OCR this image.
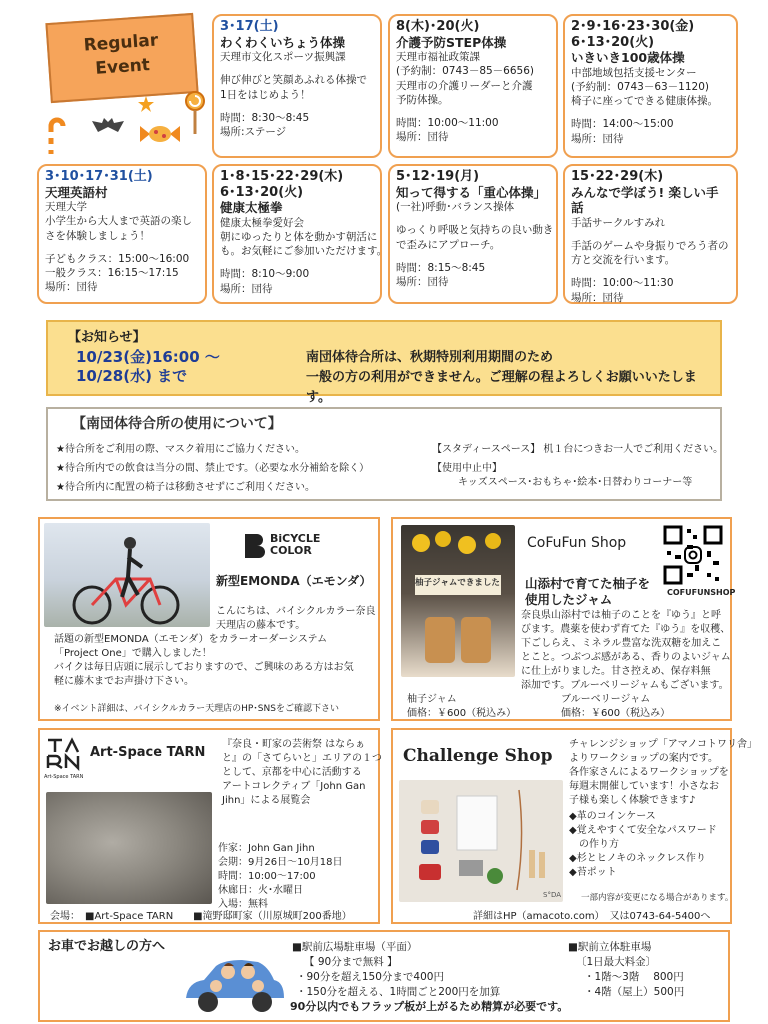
Regular
Event
3･17(土)
わくわくいちょう体操
天理市文化スポーツ振興課
伸び伸びと笑顔あふれる体操で
1日をはじめよう！
時間：8:30〜8:45
場所:ステージ
8(木)･20(火)
介護予防STEP体操
天理市福祉政策課
(予約制：0743－85－6656)
天理市の介護リーダーと介護
予防体操。
時間：10:00〜11:00
場所：団待
2･9･16･23･30(金)
6･13･20(火)
いきいき100歳体操
中部地域包括支援センター
(予約制：0743－63－1120)
椅子に座ってできる健康体操。
時間：14:00〜15:00
場所：団待
3･10･17･31(土)
天理英語村
天理大学
小学生から大人まで英語の楽し
さを体験しましょう！
子どもクラス：15:00〜16:00
一般クラス：16:15〜17:15
場所：団待
1･8･15･22･29(木)
6･13･20(火)
健康太極拳
健康太極拳愛好会
朝にゆったりと体を動かす朝活に
も。お気軽にご参加いただけます。
時間：8:10〜9:00
場所：団待
5･12･19(月)
知って得する「重心体操」
(一社)呼動･バランス操体
ゆっくり呼吸と気持ちの良い動き
で歪みにアプローチ。
時間：8:15〜8:45
場所：団待
15･22･29(木)
みんなで学ぼう! 楽しい手話
手話サークルすみれ
手話のゲームや身振りでろう者の
方と交流を行います。
時間：10:00〜11:30
場所：団待
【お知らせ】
10/23(金)16:00 〜
10/28(水) まで
南団体待合所は、秋期特別利用期間のため
一般の方の利用ができません。ご理解の程よろしくお願いいたします。
【南団体待合所の使用について】
★待合所をご利用の際、マスク着用にご協力ください。
★待合所内での飲食は当分の間、禁止です。（必要な水分補給を除く）
★待合所内に配置の椅子は移動させずにご利用ください。
【スタディースペース】 机１台につきお一人でご利用ください。
【使用中止中】
キッズスペース･おもちゃ･絵本･日替わりコーナー等
BiCYCLE
COLOR
新型EMONDA（エモンダ）
こんにちは、バイシクルカラー奈良
天理店の藤本です。
話題の新型EMONDA（エモンダ）をカラーオーダーシステム
「Project One」で購入しました！
バイクは毎日店頭に展示しておりますので、ご興味のある方はお気
軽に藤木までお声掛け下さい。
※イベント詳細は、バイシクルカラー天理店のHP･SNSをご確認下さい
柚子ジャムできました
CoFuFun Shop
COFUFUNSHOP
山添村で育てた柚子を
使用したジャム
奈良県山添村では柚子のことを『ゆう』と呼
びます。農薬を使わず育てた『ゆう』を収穫、
下ごしらえ、ミネラル豊富な洗双糖を加えこ
とこと。つぶつぶ感がある、香りのよいジャム
に仕上がりました。甘さ控えめ、保存料無
添加です。ブルーベリージャムもございます。
柚子ジャム
価格：￥600（税込み）
ブルーベリージャム
価格：￥600（税込み）
Art-Space TARN
Art-Space TARN
『奈良・町家の芸術祭 はならぁ
と』の「さてらいと」エリアの１つ
として、京都を中心に活動する
アートコレクティブ「John Gan
Jihn」による展覧会
作家：John Gan Jihn
会期：9月26日〜10月18日
時間：10:00〜17:00
休廊日：火･水曜日
入場：無料
会場：　■Art-Space TARN　　■滝野邸町家（川原城町200番地）
Challenge Shop
S°DA
チャレンジショップ「アマノコトワリ舎」
よりワークショップの案内です。
各作家さんによるワークショップを
毎週末開催しています！小さなお
子様も楽しく体験できます♪
◆革のコインケース
◆覚えやすくて安全なパスワード
　の作り方
◆杉とヒノキのネックレス作り
◆苔ポット
一部内容が変更になる場合があります。
詳細はHP（amacoto.com）　又は0743-64-5400へ
お車でお越しの方へ	■駅前広場駐車場（平面）
【 90分まで無料 】
・90分を超え150分まで400円
・150分を超える、1時間ごと200円を加算
90分以内でもフラップ板が上がるため精算が必要です。
■駅前立体駐車場
〔1日最大料金〕
・1階〜3階　 800円
・4階（屋上）500円
